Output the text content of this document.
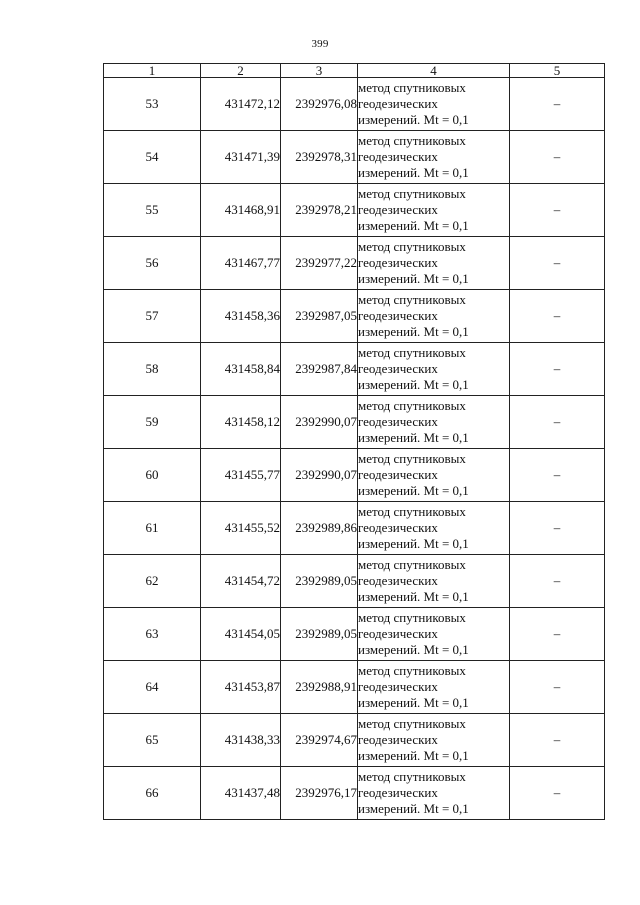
399
1	2	3	4	5
53	431472,12	2392976,08	метод спутниковых
геодезических
измерений. Mt = 0,1	–
54	431471,39	2392978,31	метод спутниковых
геодезических
измерений. Mt = 0,1	–
55	431468,91	2392978,21	метод спутниковых
геодезических
измерений. Mt = 0,1	–
56	431467,77	2392977,22	метод спутниковых
геодезических
измерений. Mt = 0,1	–
57	431458,36	2392987,05	метод спутниковых
геодезических
измерений. Mt = 0,1	–
58	431458,84	2392987,84	метод спутниковых
геодезических
измерений. Mt = 0,1	–
59	431458,12	2392990,07	метод спутниковых
геодезических
измерений. Mt = 0,1	–
60	431455,77	2392990,07	метод спутниковых
геодезических
измерений. Mt = 0,1	–
61	431455,52	2392989,86	метод спутниковых
геодезических
измерений. Mt = 0,1	–
62	431454,72	2392989,05	метод спутниковых
геодезических
измерений. Mt = 0,1	–
63	431454,05	2392989,05	метод спутниковых
геодезических
измерений. Mt = 0,1	–
64	431453,87	2392988,91	метод спутниковых
геодезических
измерений. Mt = 0,1	–
65	431438,33	2392974,67	метод спутниковых
геодезических
измерений. Mt = 0,1	–
66	431437,48	2392976,17	метод спутниковых
геодезических
измерений. Mt = 0,1	–
